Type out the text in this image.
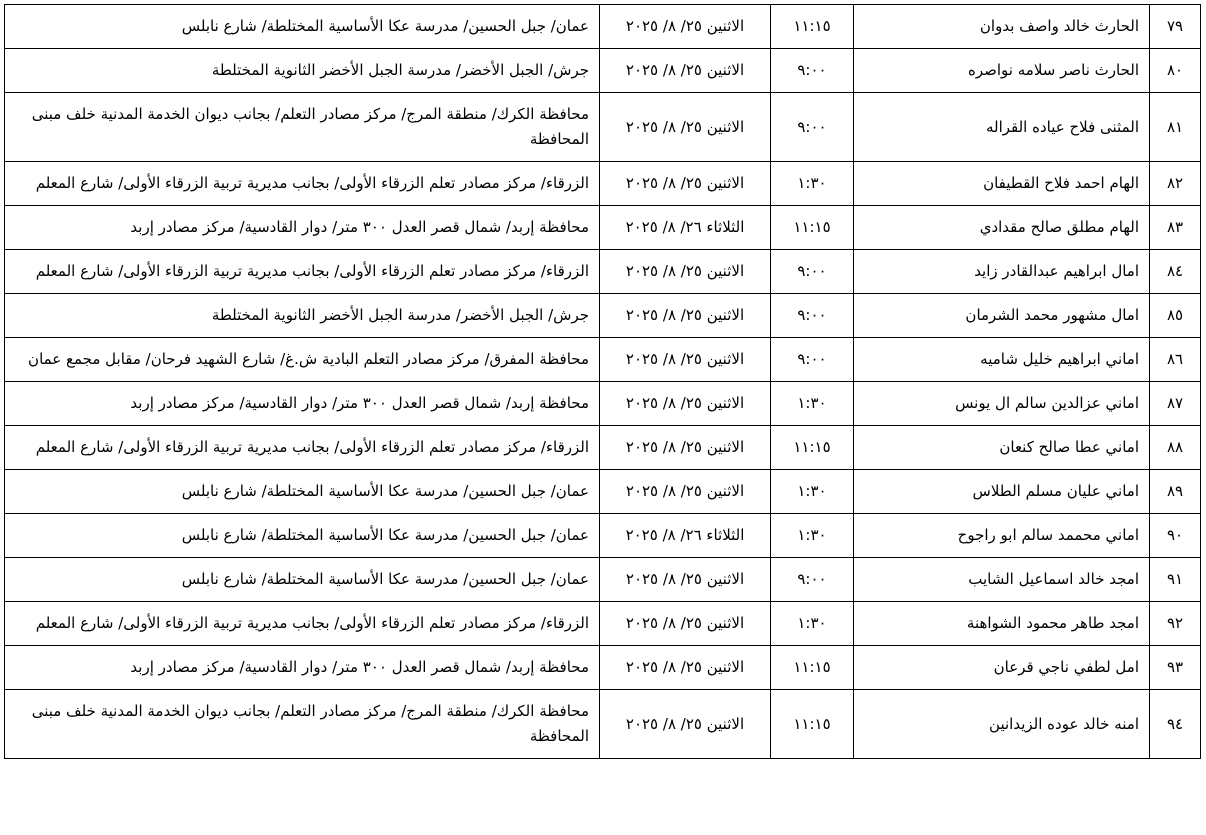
٧٩	الحارث خالد واصف بدوان	١١:١٥	الاثنين ٢٥/ ٨/ ٢٠٢٥	عمان/ جبل الحسين/ مدرسة عكا الأساسية المختلطة/ شارع نابلس
٨٠	الحارث ناصر سلامه نواصره	٩:٠٠	الاثنين ٢٥/ ٨/ ٢٠٢٥	جرش/ الجبل الأخضر/ مدرسة الجبل الأخضر الثانوية المختلطة
٨١	المثنى فلاح عياده القراله	٩:٠٠	الاثنين ٢٥/ ٨/ ٢٠٢٥	محافظة الكرك/ منطقة المرج/ مركز مصادر التعلم/ بجانب ديوان الخدمة المدنية خلف مبنى المحافظة
٨٢	الهام احمد فلاح القطيفان	١:٣٠	الاثنين ٢٥/ ٨/ ٢٠٢٥	الزرقاء/ مركز مصادر تعلم الزرقاء الأولى/ بجانب مديرية تربية الزرقاء الأولى/ شارع المعلم
٨٣	الهام مطلق صالح مقدادي	١١:١٥	الثلاثاء ٢٦/ ٨/ ٢٠٢٥	محافظة إربد/ شمال قصر العدل ٣٠٠ متر/ دوار القادسية/ مركز مصادر إربد
٨٤	امال ابراهيم عبدالقادر زايد	٩:٠٠	الاثنين ٢٥/ ٨/ ٢٠٢٥	الزرقاء/ مركز مصادر تعلم الزرقاء الأولى/ بجانب مديرية تربية الزرقاء الأولى/ شارع المعلم
٨٥	امال مشهور محمد الشرمان	٩:٠٠	الاثنين ٢٥/ ٨/ ٢٠٢٥	جرش/ الجبل الأخضر/ مدرسة الجبل الأخضر الثانوية المختلطة
٨٦	اماني ابراهيم خليل شاميه	٩:٠٠	الاثنين ٢٥/ ٨/ ٢٠٢٥	محافظة المفرق/ مركز مصادر التعلم البادية ش.غ/ شارع الشهيد فرحان/ مقابل مجمع عمان
٨٧	اماني عزالدين سالم ال يونس	١:٣٠	الاثنين ٢٥/ ٨/ ٢٠٢٥	محافظة إربد/ شمال قصر العدل ٣٠٠ متر/ دوار القادسية/ مركز مصادر إربد
٨٨	اماني عطا صالح كنعان	١١:١٥	الاثنين ٢٥/ ٨/ ٢٠٢٥	الزرقاء/ مركز مصادر تعلم الزرقاء الأولى/ بجانب مديرية تربية الزرقاء الأولى/ شارع المعلم
٨٩	اماني عليان مسلم الطلاس	١:٣٠	الاثنين ٢٥/ ٨/ ٢٠٢٥	عمان/ جبل الحسين/ مدرسة عكا الأساسية المختلطة/ شارع نابلس
٩٠	اماني محممد سالم ابو راجوح	١:٣٠	الثلاثاء ٢٦/ ٨/ ٢٠٢٥	عمان/ جبل الحسين/ مدرسة عكا الأساسية المختلطة/ شارع نابلس
٩١	امجد خالد اسماعيل الشايب	٩:٠٠	الاثنين ٢٥/ ٨/ ٢٠٢٥	عمان/ جبل الحسين/ مدرسة عكا الأساسية المختلطة/ شارع نابلس
٩٢	امجد طاهر محمود الشواهنة	١:٣٠	الاثنين ٢٥/ ٨/ ٢٠٢٥	الزرقاء/ مركز مصادر تعلم الزرقاء الأولى/ بجانب مديرية تربية الزرقاء الأولى/ شارع المعلم
٩٣	امل لطفي ناجي قرعان	١١:١٥	الاثنين ٢٥/ ٨/ ٢٠٢٥	محافظة إربد/ شمال قصر العدل ٣٠٠ متر/ دوار القادسية/ مركز مصادر إربد
٩٤	امنه خالد عوده الزيدانين	١١:١٥	الاثنين ٢٥/ ٨/ ٢٠٢٥	محافظة الكرك/ منطقة المرج/ مركز مصادر التعلم/ بجانب ديوان الخدمة المدنية خلف مبنى المحافظة
